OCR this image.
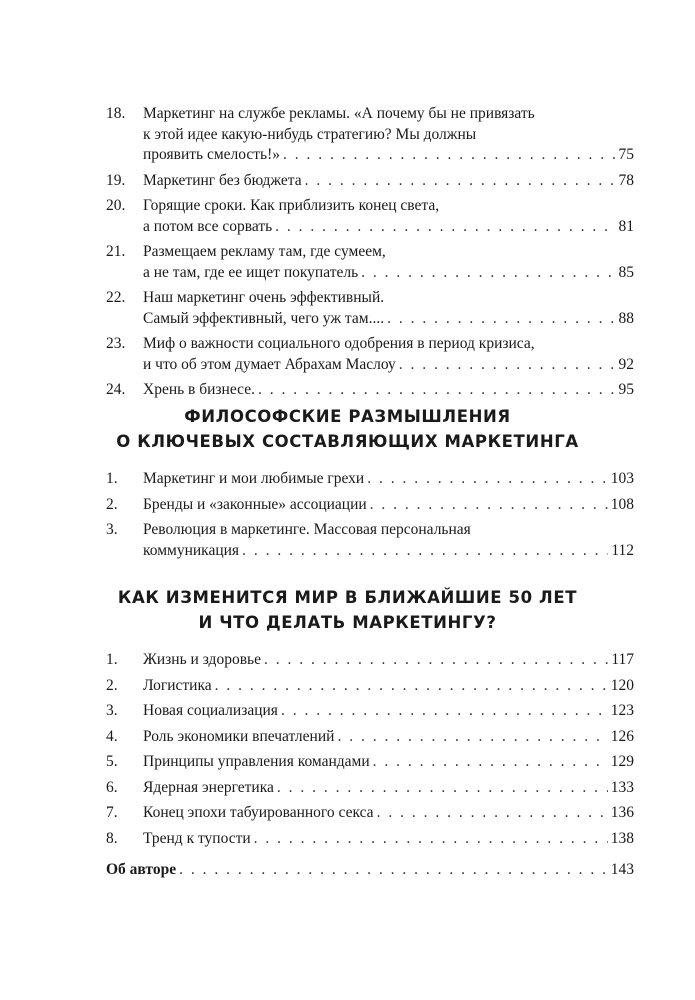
18. Маркетинг на службе рекламы. «А почему бы не привязать
к этой идее какую-нибудь стратегию? Мы должны
проявить смелость!» . . .	75
19. Маркетинг без бюджета . . .	78
20. Горящие сроки. Как приблизить конец света,
а потом все сорвать . . .	81
21. Размещаем рекламу там, где сумеем,
а не там, где ее ищет покупатель . . .	85
22. Наш маркетинг очень эффективный.
Самый эффективный, чего уж там.... . . .	88
23. Миф о важности социального одобрения в период кризиса,
и что об этом думает Абрахам Маслоу . . .	92
24. Хрень в бизнесе. . . .	95
ФИЛОСОФСКИЕ РАЗМЫШЛЕНИЯ
О КЛЮЧЕВЫХ СОСТАВЛЯЮЩИХ МАРКЕТИНГА
1. Маркетинг и мои любимые грехи . . .	103
2. Бренды и «законные» ассоциации . . .	108
3. Революция в маркетинге. Массовая персональная
коммуникация . . .	112
КАК ИЗМЕНИТСЯ МИР В БЛИЖАЙШИЕ 50 ЛЕТ
И ЧТО ДЕЛАТЬ МАРКЕТИНГУ?
1. Жизнь и здоровье . . .	117
2. Логистика . . .	120
3. Новая социализация . . .	123
4. Роль экономики впечатлений . . .	126
5. Принципы управления командами . . .	129
6. Ядерная энергетика . . .	133
7. Конец эпохи табуированного секса . . .	136
8. Тренд к тупости . . .	138
Об авторе . . .	143
